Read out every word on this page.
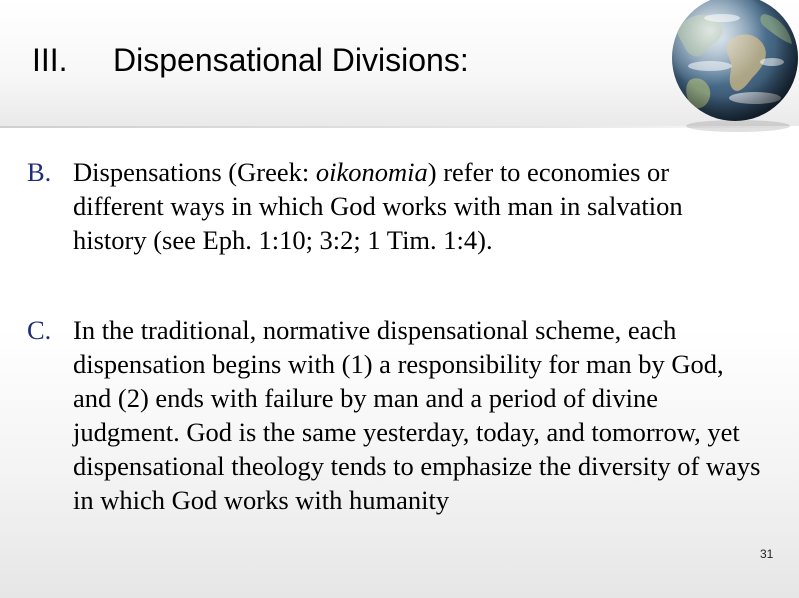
III. Dispensational Divisions:

B. Dispensations (Greek: oikonomia) refer to economies or different ways in which God works with man in salvation history (see Eph. 1:10; 3:2; 1 Tim. 1:4).

C. In the traditional, normative dispensational scheme, each dispensation begins with (1) a responsibility for man by God, and (2) ends with failure by man and a period of divine judgment. God is the same yesterday, today, and tomorrow, yet dispensational theology tends to emphasize the diversity of ways in which God works with humanity

31
